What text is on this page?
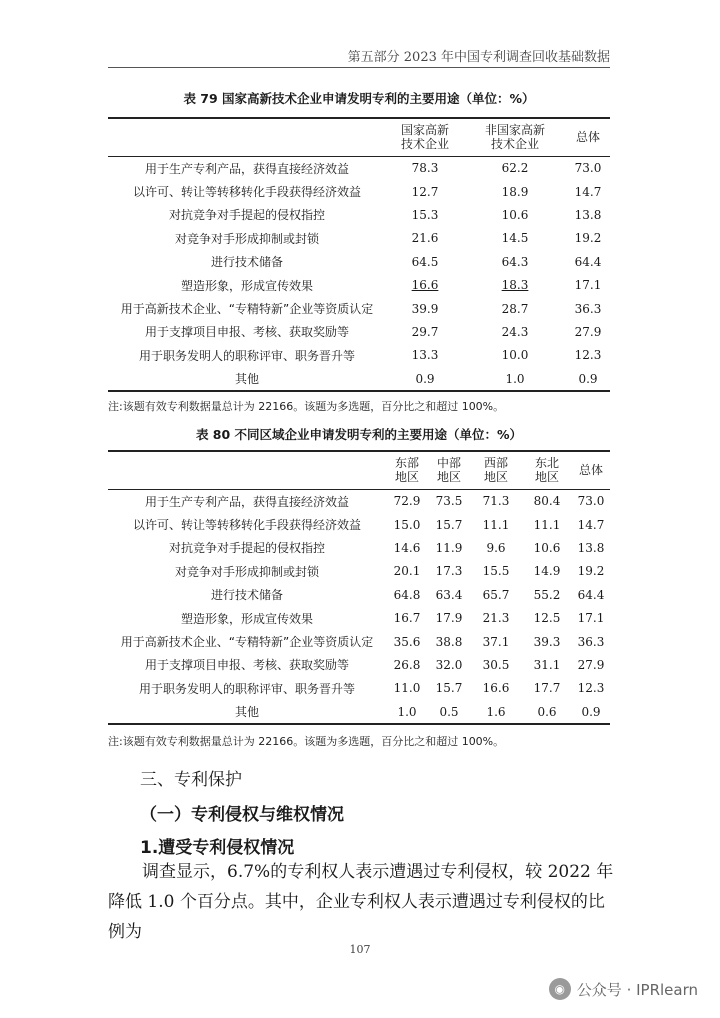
第五部分 2023 年中国专利调查回收基础数据
表 79 国家高新技术企业申请发明专利的主要用途（单位：%）

	国家高新技术企业	非国家高新技术企业	总体
用于生产专利产品，获得直接经济效益	78.3	62.2	73.0
以许可、转让等转移转化手段获得经济效益	12.7	18.9	14.7
对抗竞争对手提起的侵权指控	15.3	10.6	13.8
对竞争对手形成抑制或封锁	21.6	14.5	19.2
进行技术储备	64.5	64.3	64.4
塑造形象，形成宣传效果	16.6	18.3	17.1
用于高新技术企业、“专精特新”企业等资质认定	39.9	28.7	36.3
用于支撑项目申报、考核、获取奖励等	29.7	24.3	27.9
用于职务发明人的职称评审、职务晋升等	13.3	10.0	12.3
其他	0.9	1.0	0.9
注:该题有效专利数据量总计为 22166。该题为多选题，百分比之和超过 100%。
表 80 不同区域企业申请发明专利的主要用途（单位：%）

	东部地区	中部地区	西部地区	东北地区	总体
用于生产专利产品，获得直接经济效益	72.9	73.5	71.3	80.4	73.0
以许可、转让等转移转化手段获得经济效益	15.0	15.7	11.1	11.1	14.7
对抗竞争对手提起的侵权指控	14.6	11.9	9.6	10.6	13.8
对竞争对手形成抑制或封锁	20.1	17.3	15.5	14.9	19.2
进行技术储备	64.8	63.4	65.7	55.2	64.4
塑造形象，形成宣传效果	16.7	17.9	21.3	12.5	17.1
用于高新技术企业、“专精特新”企业等资质认定	35.6	38.8	37.1	39.3	36.3
用于支撑项目申报、考核、获取奖励等	26.8	32.0	30.5	31.1	27.9
用于职务发明人的职称评审、职务晋升等	11.0	15.7	16.6	17.7	12.3
其他	1.0	0.5	1.6	0.6	0.9
注:该题有效专利数据量总计为 22166。该题为多选题，百分比之和超过 100%。
三、专利保护
（一）专利侵权与维权情况
1.遭受专利侵权情况
调查显示，6.7%的专利权人表示遭遇过专利侵权，较 2022 年降低 1.0 个百分点。其中，企业专利权人表示遭遇过专利侵权的比例为
107
◉ 公众号 · IPRlearn
